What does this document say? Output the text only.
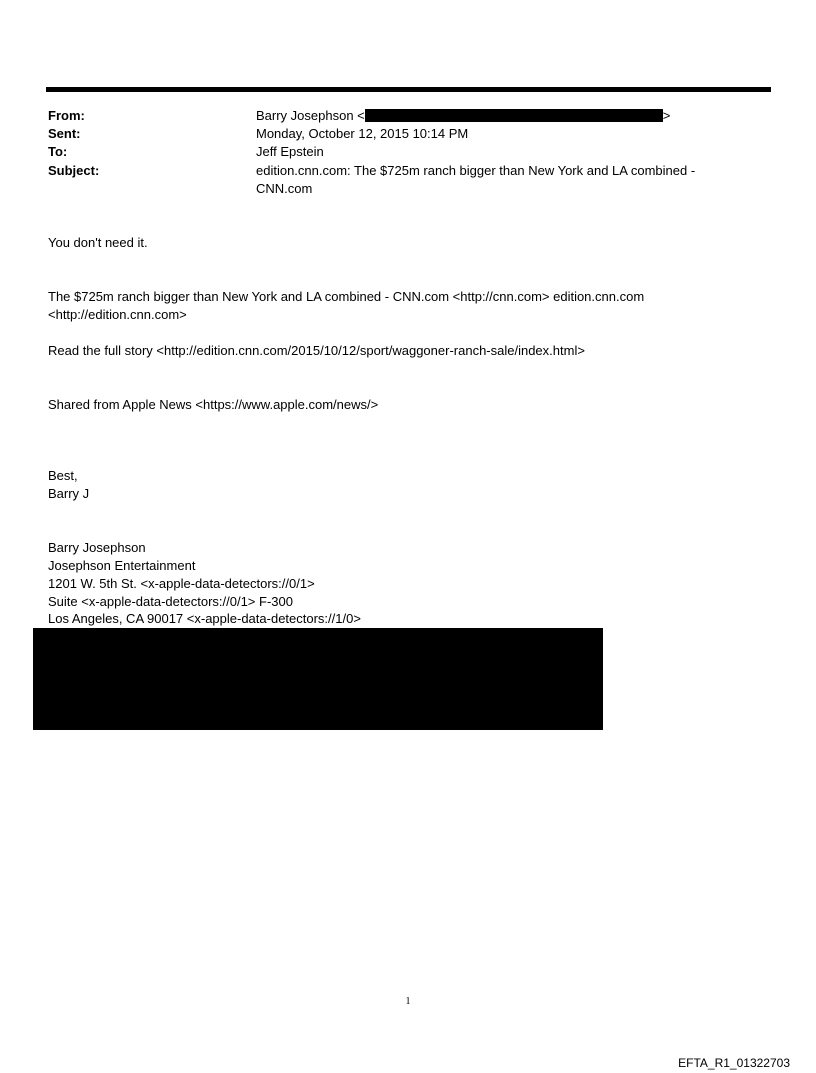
From:	Barry Josephson <	>
Sent:	Monday, October 12, 2015 10:14 PM
To:	Jeff Epstein
Subject:	edition.cnn.com: The $725m ranch bigger than New York and LA combined -
CNN.com
You don't need it.
The $725m ranch bigger than New York and LA combined - CNN.com <http://cnn.com> edition.cnn.com
<http://edition.cnn.com>
Read the full story <http://edition.cnn.com/2015/10/12/sport/waggoner-ranch-sale/index.html>
Shared from Apple News <https://www.apple.com/news/>
Best,
Barry J
Barry Josephson
Josephson Entertainment
1201 W. 5th St. <x-apple-data-detectors://0/1>
Suite <x-apple-data-detectors://0/1> F-300
Los Angeles, CA 90017 <x-apple-data-detectors://1/0>
1
EFTA_R1_01322703
